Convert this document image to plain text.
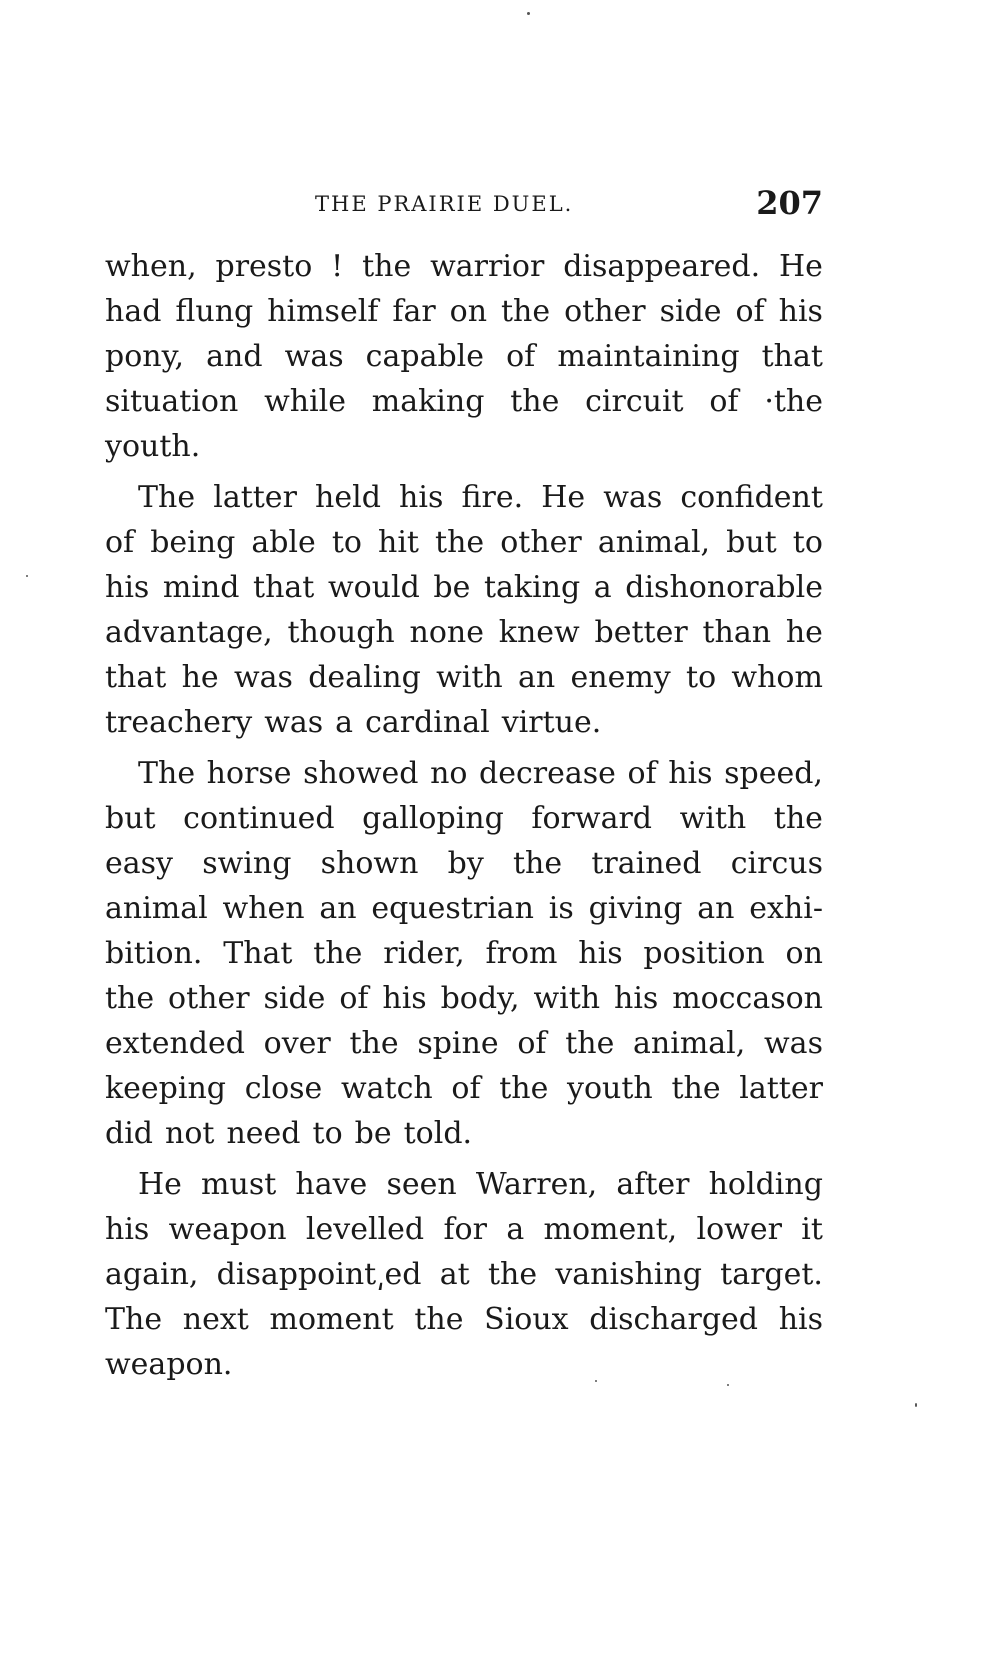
THE PRAIRIE DUEL.	207
when, presto ! the warrior disappeared. He
had flung himself far on the other side of his
pony, and was capable of maintaining that
situation while making the circuit of ·the
youth.
The latter held his fire. He was confident
of being able to hit the other animal, but to
his mind that would be taking a dishonorable
advantage, though none knew better than he
that he was dealing with an enemy to whom
treachery was a cardinal virtue.
The horse showed no decrease of his speed,
but continued galloping forward with the
easy swing shown by the trained circus
animal when an equestrian is giving an exhi-
bition. That the rider, from his position on
the other side of his body, with his moccason
extended over the spine of the animal, was
keeping close watch of the youth the latter
did not need to be told.
He must have seen Warren, after holding
his weapon levelled for a moment, lower it
again, disappoint͵ed at the vanishing target.
The next moment the Sioux discharged his
weapon.
